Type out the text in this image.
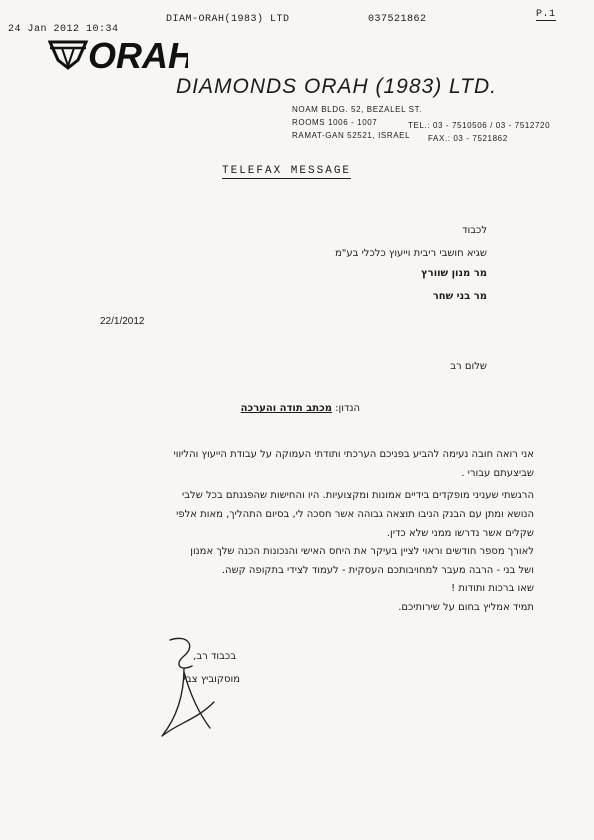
24 Jan 2012 10:34
DIAM-ORAH(1983) LTD	037521862	P.1
ORAH
DIAMONDS ORAH (1983) LTD.
NOAM BLDG. 52, BEZALEL ST.
ROOMS 1006 - 1007	TEL.: 03 - 7510506 / 03 - 7512720
RAMAT-GAN 52521, ISRAEL FAX.: 03 - 7521862
TELEFAX MESSAGE
לכבוד
שגיא חושבי ריבית וייעוץ כלכלי בע"מ
מר מנון שוורץ
מר בני שחר
22/1/2012
שלום רב
הנדון: מכתב תודה והערכה
אני רואה חובה נעימה להביע בפניכם הערכתי ותודתי העמוקה על עבודת הייעוץ והליווי
שביצעתם עבורי .
הרגשתי שעניני מופקדים בידיים אמונות ומקצועיות. היו והחישות שהפגנתם בכל שלבי
הנושא ומתן עם הבנק הניבו תוצאה גבוהה אשר חסכה לי, בסיום התהליך, מאות אלפי
שקלים אשר נדרשו ממני שלא כדין.
לאורך מספר חודשים וראוי לציין בעיקר את היחס האישי והנכונות הכנה שלך אמנון
ושל בני - הרבה מעבר למחויבותכם העסקית - לעמוד לצידי בתקופה קשה.
שאו ברכות ותודות !
תמיד אמליץ בחום על שירותיכם.
בכבוד רב,
מוסקוביץ צבי
